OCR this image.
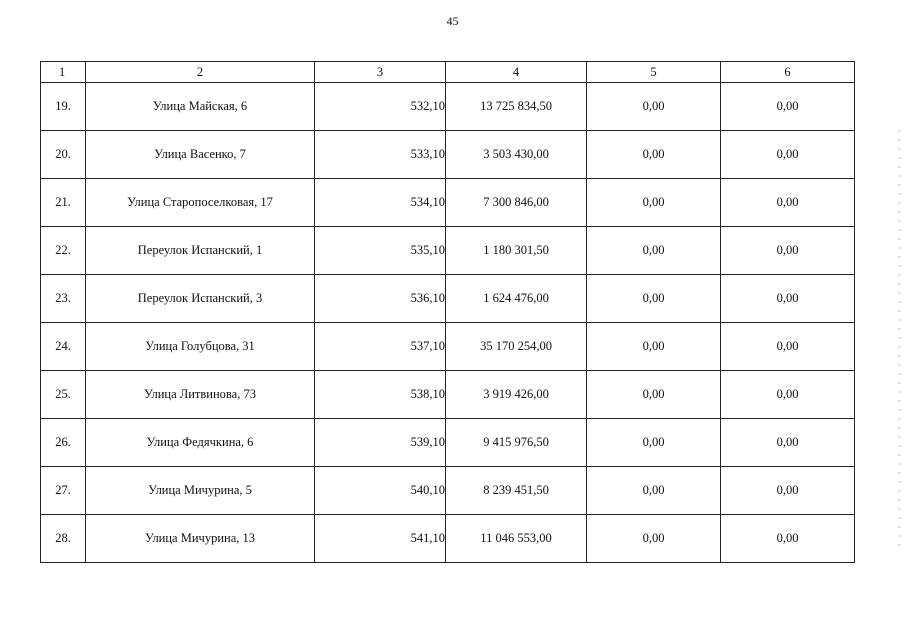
45
1	2	3	4	5	6
19.	Улица Майская, 6	532,10	13 725 834,50	0,00	0,00
20.	Улица Васенко, 7	533,10	3 503 430,00	0,00	0,00
21.	Улица Старопоселковая, 17	534,10	7 300 846,00	0,00	0,00
22.	Переулок Испанский, 1	535,10	1 180 301,50	0,00	0,00
23.	Переулок Испанский, 3	536,10	1 624 476,00	0,00	0,00
24.	Улица Голубцова, 31	537,10	35 170 254,00	0,00	0,00
25.	Улица Литвинова, 73	538,10	3 919 426,00	0,00	0,00
26.	Улица Федячкина, 6	539,10	9 415 976,50	0,00	0,00
27.	Улица Мичурина, 5	540,10	8 239 451,50	0,00	0,00
28.	Улица Мичурина, 13	541,10	11 046 553,00	0,00	0,00
